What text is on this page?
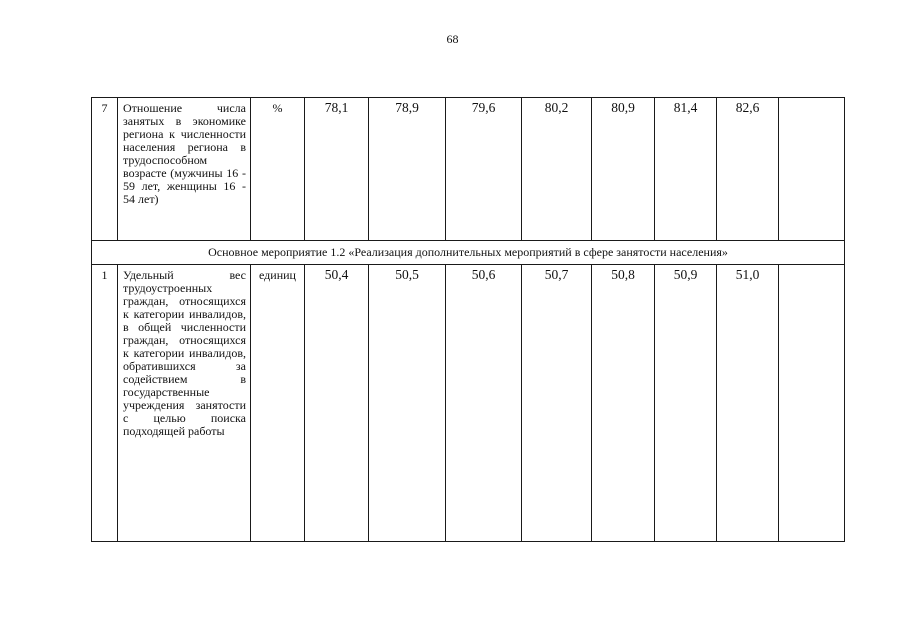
68
7	Отношение числа занятых в экономике региона к численности населения региона в трудоспособном возрасте (мужчины 16 - 59 лет, женщины 16 - 54 лет)	%	78,1	78,9	79,6	80,2	80,9	81,4	82,6	
Основное мероприятие 1.2 «Реализация дополнительных мероприятий в сфере занятости населения»										
1	Удельный вес трудоустроенных граждан, относящихся к категории инвалидов, в общей численности граждан, относящихся к категории инвалидов, обратившихся за содействием в государственные учреждения занятости с целью поиска подходящей работы	единиц	50,4	50,5	50,6	50,7	50,8	50,9	51,0	
